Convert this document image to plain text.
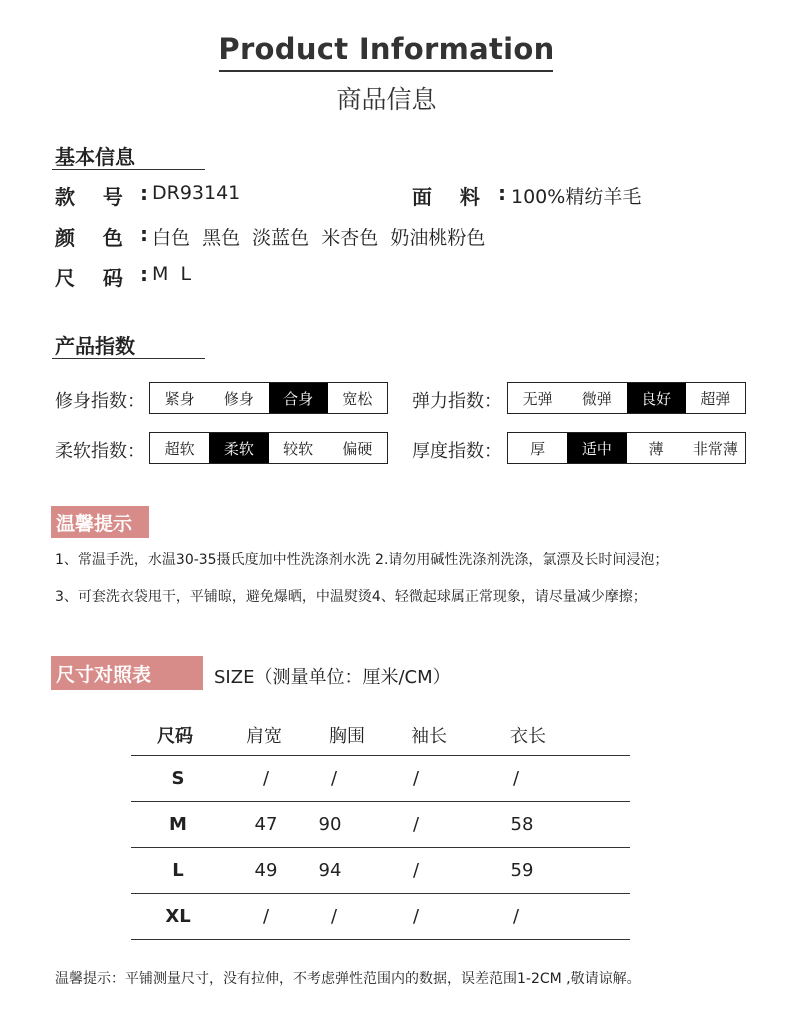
Product Information
商品信息
基本信息
款    号 : DR93141	面    料 : 100%精纺羊毛
颜    色 : 白色  黑色  淡蓝色  米杏色  奶油桃粉色
尺    码 : M  L
产品指数
修身指数：	紧身	修身	合身	宽松	弹力指数：	无弹	微弹	良好	超弹
柔软指数：	超软	柔软	较软	偏硬	厚度指数：	厚	适中	薄	非常薄
温馨提示
1、常温手洗，水温30-35摄氏度加中性洗涤剂水洗 2.请勿用碱性洗涤剂洗涤，氯漂及长时间浸泡；
3、可套洗衣袋甩干，平铺晾，避免爆晒，中温熨烫4、轻微起球属正常现象，请尽量减少摩擦；
尺寸对照表	SIZE（测量单位：厘米/CM）
尺码	肩宽	胸围	袖长	衣长
S	/	/	/	/
M	47	90	/	58
L	49	94	/	59
XL	/	/	/	/
温馨提示：平铺测量尺寸，没有拉伸，不考虑弹性范围内的数据，误差范围1-2CM ,敬请谅解。
